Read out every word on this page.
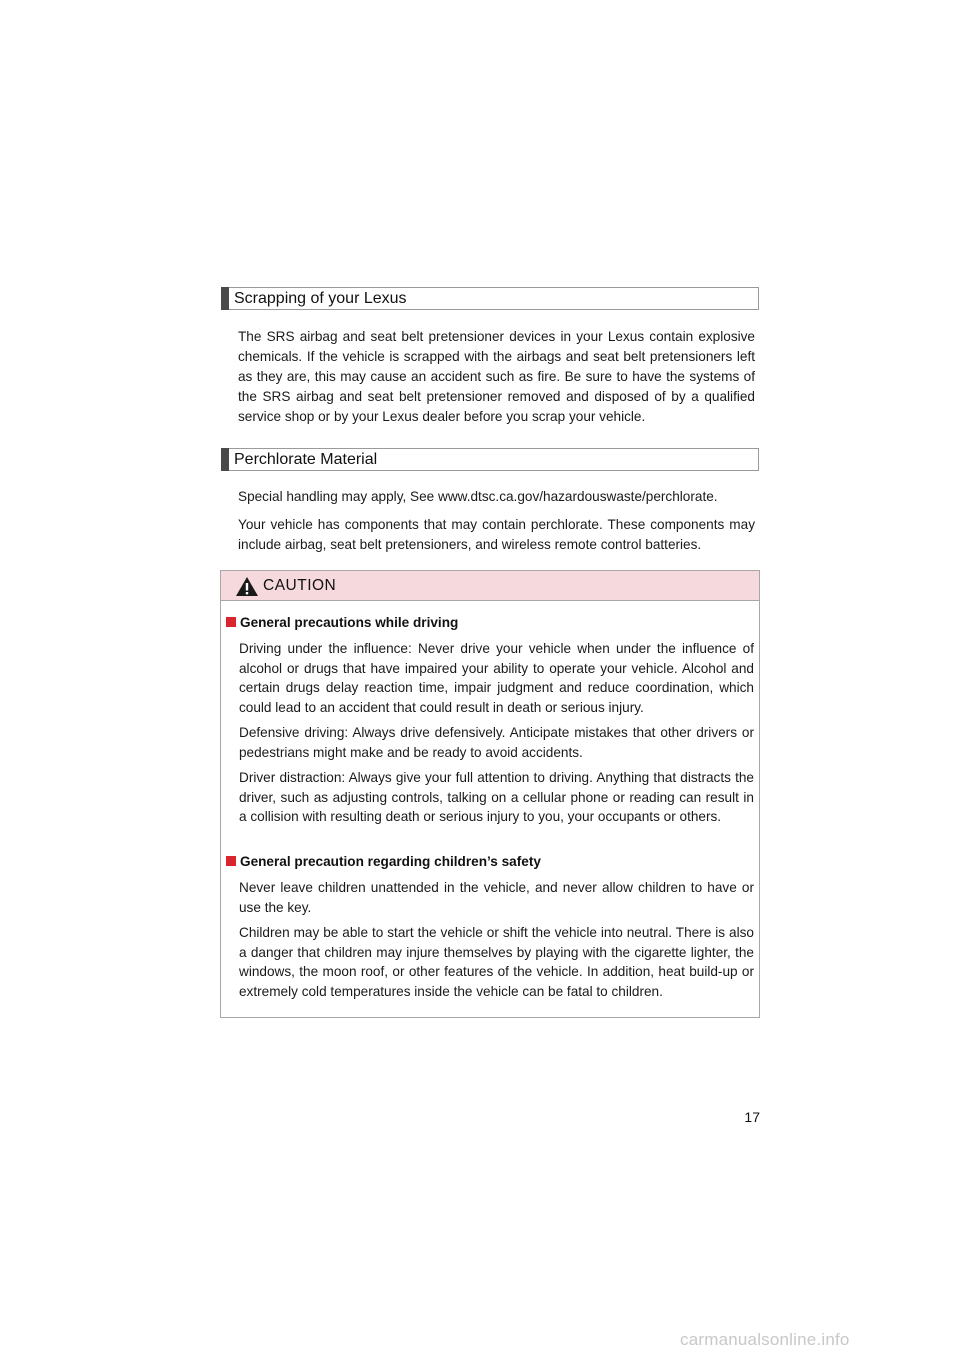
Scrapping of your Lexus
The SRS airbag and seat belt pretensioner devices in your Lexus contain explosive chemicals. If the vehicle is scrapped with the airbags and seat belt pretensioners left as they are, this may cause an accident such as fire. Be sure to have the systems of the SRS airbag and seat belt pretensioner removed and disposed of by a qualified service shop or by your Lexus dealer before you scrap your vehicle.
Perchlorate Material
Special handling may apply, See www.dtsc.ca.gov/hazardouswaste/perchlorate.
Your vehicle has components that may contain perchlorate. These components may include airbag, seat belt pretensioners, and wireless remote control batteries.
CAUTION
General precautions while driving
Driving under the influence: Never drive your vehicle when under the influence of alcohol or drugs that have impaired your ability to operate your vehicle. Alcohol and certain drugs delay reaction time, impair judgment and reduce coordination, which could lead to an accident that could result in death or serious injury.
Defensive driving: Always drive defensively. Anticipate mistakes that other drivers or pedestrians might make and be ready to avoid accidents.
Driver distraction: Always give your full attention to driving. Anything that distracts the driver, such as adjusting controls, talking on a cellular phone or reading can result in a collision with resulting death or serious injury to you, your occupants or others.
General precaution regarding children’s safety
Never leave children unattended in the vehicle, and never allow children to have or use the key.
Children may be able to start the vehicle or shift the vehicle into neutral. There is also a danger that children may injure themselves by playing with the cigarette lighter, the windows, the moon roof, or other features of the vehicle. In addition, heat build-up or extremely cold temperatures inside the vehicle can be fatal to children.
17
carmanualsonline.info
